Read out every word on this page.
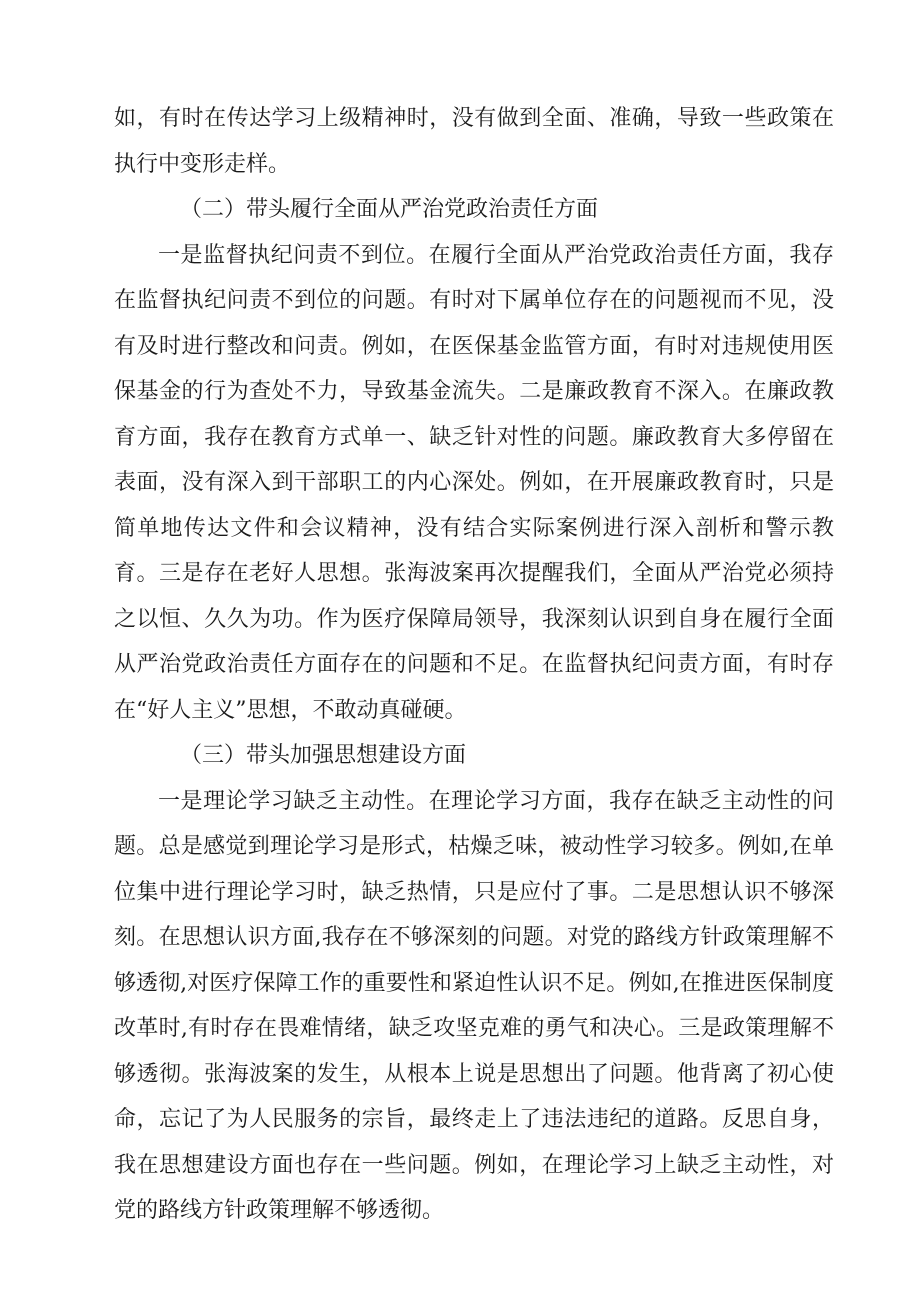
如，有时在传达学习上级精神时，没有做到全面、准确，导致一些政策在执行中变形走样。

（二）带头履行全面从严治党政治责任方面

一是监督执纪问责不到位。在履行全面从严治党政治责任方面，我存在监督执纪问责不到位的问题。有时对下属单位存在的问题视而不见，没有及时进行整改和问责。例如，在医保基金监管方面，有时对违规使用医保基金的行为查处不力，导致基金流失。二是廉政教育不深入。在廉政教育方面，我存在教育方式单一、缺乏针对性的问题。廉政教育大多停留在表面，没有深入到干部职工的内心深处。例如，在开展廉政教育时，只是简单地传达文件和会议精神，没有结合实际案例进行深入剖析和警示教育。三是存在老好人思想。张海波案再次提醒我们，全面从严治党必须持之以恒、久久为功。作为医疗保障局领导，我深刻认识到自身在履行全面从严治党政治责任方面存在的问题和不足。在监督执纪问责方面，有时存在“好人主义”思想，不敢动真碰硬。

（三）带头加强思想建设方面

一是理论学习缺乏主动性。在理论学习方面，我存在缺乏主动性的问题。总是感觉到理论学习是形式，枯燥乏味，被动性学习较多。例如,在单位集中进行理论学习时，缺乏热情，只是应付了事。二是思想认识不够深刻。在思想认识方面,我存在不够深刻的问题。对党的路线方针政策理解不够透彻,对医疗保障工作的重要性和紧迫性认识不足。例如,在推进医保制度改革时,有时存在畏难情绪，缺乏攻坚克难的勇气和决心。三是政策理解不够透彻。张海波案的发生，从根本上说是思想出了问题。他背离了初心使命，忘记了为人民服务的宗旨，最终走上了违法违纪的道路。反思自身，我在思想建设方面也存在一些问题。例如，在理论学习上缺乏主动性，对党的路线方针政策理解不够透彻。
